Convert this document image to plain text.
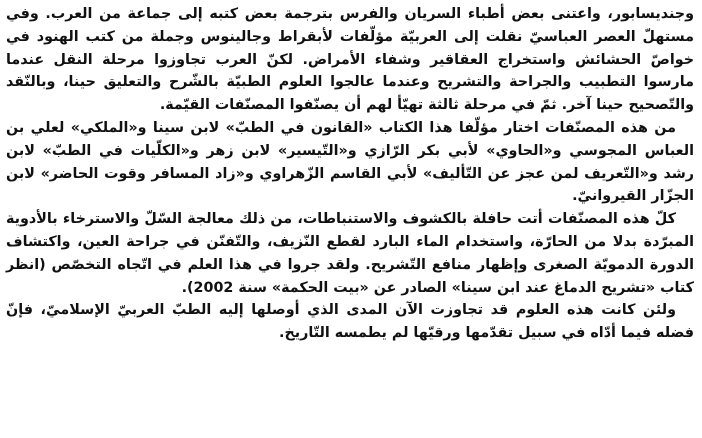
وجنديسابور، واعتنى بعض أطباء السريان والفرس بترجمة بعض كتبه إلى جماعة من العرب. وفي مستهلّ العصر العباسيّ نقلت إلى العربيّة مؤلّفات لأبقراط وجالينوس وجملة من كتب الهنود في خواصّ الحشائش واستخراج العقاقير وشفاء الأمراض. لكنّ العرب تجاوزوا مرحلة النقل عندما مارسوا التطبيب والجراحة والتشريح وعندما عالجوا العلوم الطبيّة بالشّرح والتعليق حينا، وبالنّقد والتّصحيح حينا آخر. ثمّ في مرحلة ثالثة تهيّأ لهم أن يصنّفوا المصنّفات القيّمة.

من هذه المصنّفات اختار مؤلّفا هذا الكتاب «القانون في الطبّ» لابن سينا و«الملكي» لعلي بن العباس المجوسي و«الحاوي» لأبي بكر الرّازي و«التّيسير» لابن زهر و«الكلّيات في الطبّ» لابن رشد و«التّعريف لمن عجز عن التّأليف» لأبي القاسم الزّهراوي و«زاد المسافر وقوت الحاضر» لابن الجزّار القيروانيّ.

كلّ هذه المصنّفات أتت حافلة بالكشوف والاستنباطات، من ذلك معالجة السّلّ والاسترخاء بالأدوية المبرّدة بدلا من الحارّة، واستخدام الماء البارد لقطع النّزيف، والتّفنّن في جراحة العين، واكتشاف الدورة الدمويّة الصغرى وإظهار منافع التّشريح. ولقد جروا في هذا العلم في اتّجاه التخصّص (انظر كتاب «تشريح الدماغ عند ابن سينا» الصادر عن «بيت الحكمة» سنة 2002).

ولئن كانت هذه العلوم قد تجاوزت الآن المدى الذي أوصلها إليه الطبّ العربيّ الإسلاميّ، فإنّ فضله فيما أدّاه في سبيل تقدّمها ورقيّها لم يطمسه التّاريخ.
